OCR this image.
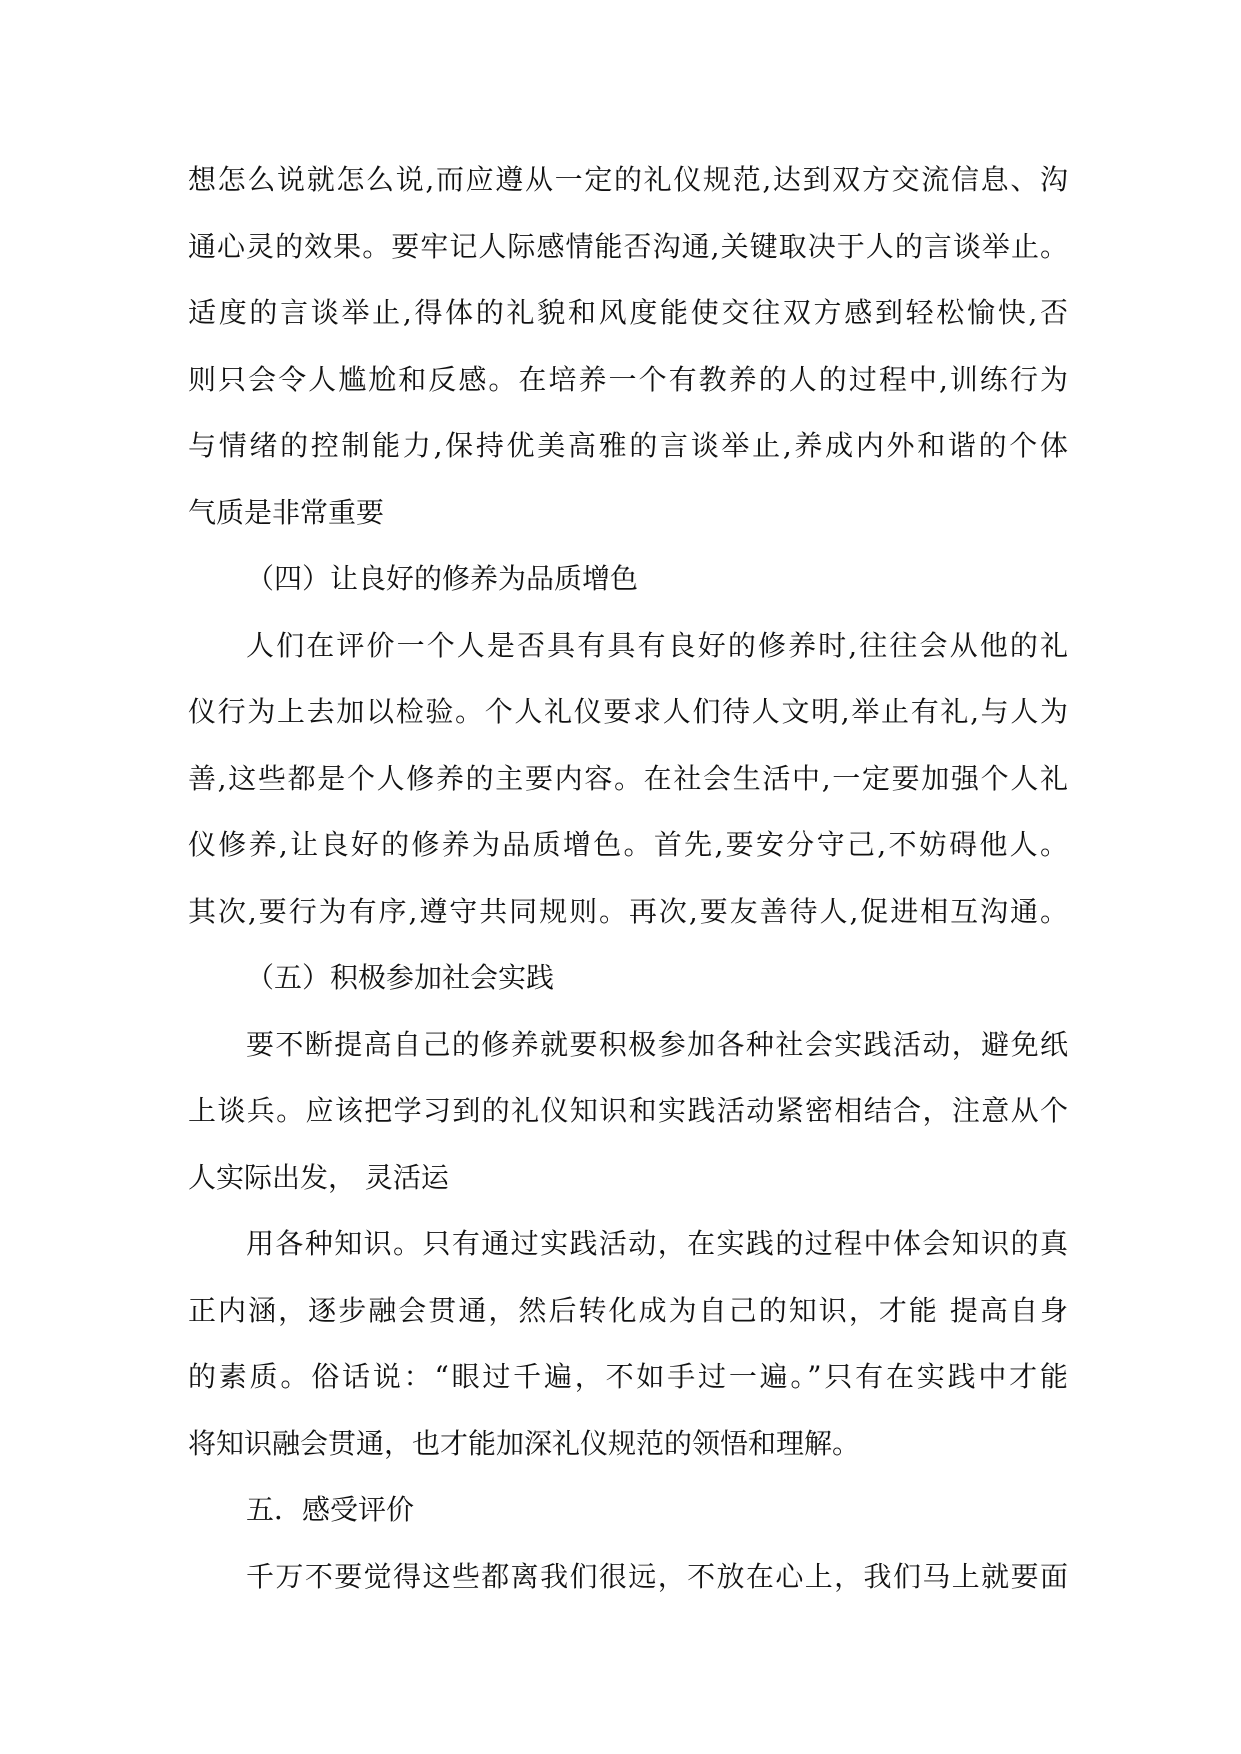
想怎么说就怎么说,而应遵从一定的礼仪规范,达到双方交流信息、沟
通心灵的效果。要牢记人际感情能否沟通,关键取决于人的言谈举止。
适度的言谈举止,得体的礼貌和风度能使交往双方感到轻松愉快,否
则只会令人尴尬和反感。在培养一个有教养的人的过程中,训练行为
与情绪的控制能力,保持优美高雅的言谈举止,养成内外和谐的个体
气质是非常重要
（四）让良好的修养为品质增色
人们在评价一个人是否具有具有良好的修养时,往往会从他的礼
仪行为上去加以检验。个人礼仪要求人们待人文明,举止有礼,与人为
善,这些都是个人修养的主要内容。在社会生活中,一定要加强个人礼
仪修养,让良好的修养为品质增色。首先,要安分守己,不妨碍他人。
其次,要行为有序,遵守共同规则。再次,要友善待人,促进相互沟通。
（五）积极参加社会实践
要不断提高自己的修养就要积极参加各种社会实践活动，避免纸
上谈兵。应该把学习到的礼仪知识和实践活动紧密相结合，注意从个
人实际出发， 灵活运
用各种知识。只有通过实践活动，在实践的过程中体会知识的真
正内涵，逐步融会贯通，然后转化成为自己的知识，才能 提高自身
的素质。俗话说：“眼过千遍，不如手过一遍。”只有在实践中才能
将知识融会贯通，也才能加深礼仪规范的领悟和理解。
五．感受评价
千万不要觉得这些都离我们很远，不放在心上，我们马上就要面
